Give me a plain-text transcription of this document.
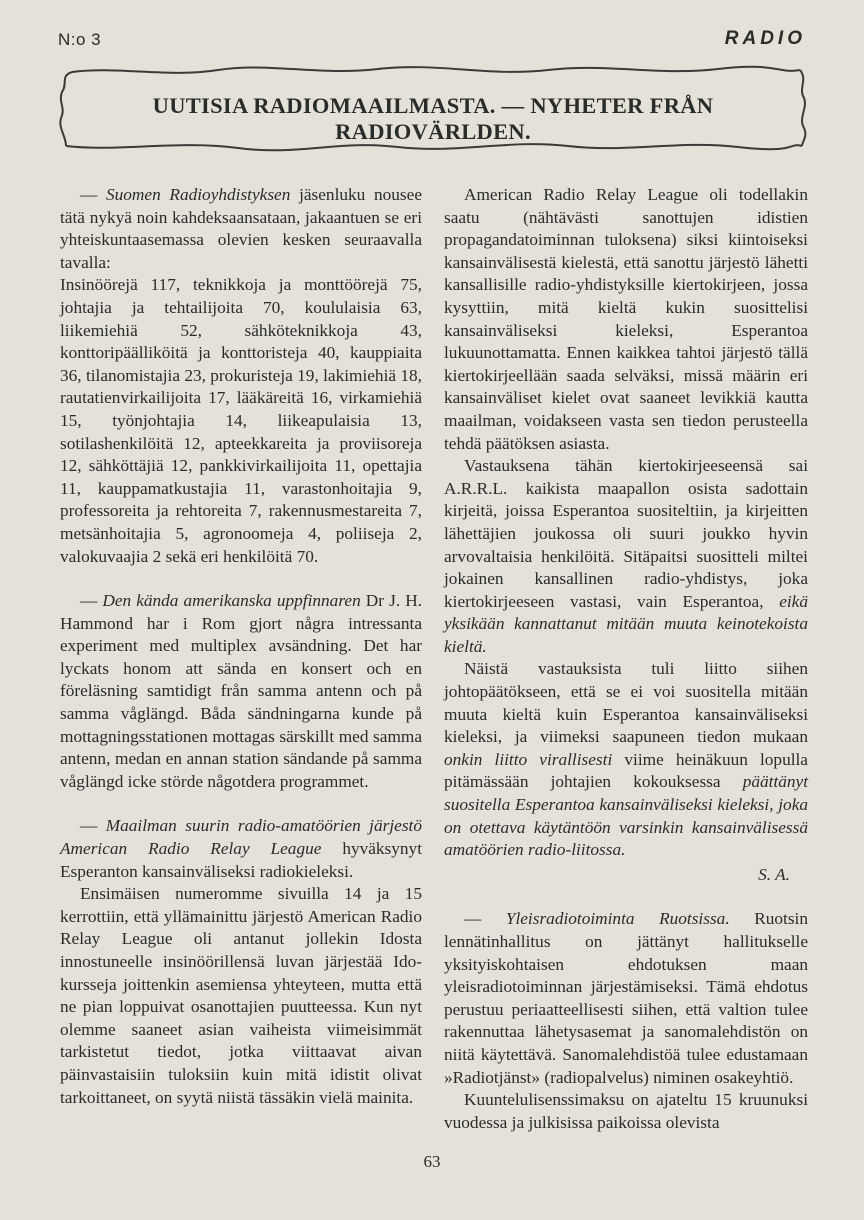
N:o 3	RADIO
UUTISIA RADIOMAAILMASTA. — NYHETER FRÅN RADIOVÄRLDEN.

— Suomen Radioyhdistyksen jäsenluku nousee tätä nykyä noin kahdeksaansataan, jakaantuen se eri yhteiskuntaasemassa olevien kesken seuraavalla tavalla:

Insinöörejä 117, teknikkoja ja monttöörejä 75, johtajia ja tehtailijoita 70, koululaisia 63, liikemiehiä 52, sähköteknikkoja 43, konttoripäälliköitä ja konttoristeja 40, kauppiaita 36, tilanomistajia 23, prokuristeja 19, lakimiehiä 18, rautatienvirkailijoita 17, lääkäreitä 16, virkamiehiä 15, työnjohtajia 14, liikeapulaisia 13, sotilashenkilöitä 12, apteekkareita ja proviisoreja 12, sähköttäjiä 12, pankkivirkailijoita 11, opettajia 11, kauppamatkustajia 11, varastonhoitajia 9, professoreita ja rehtoreita 7, rakennusmestareita 7, metsänhoitajia 5, agronoomeja 4, poliiseja 2, valokuvaajia 2 sekä eri henkilöitä 70.

— Den kända amerikanska uppfinnaren Dr J. H. Hammond har i Rom gjort några intressanta experiment med multiplex avsändning. Det har lyckats honom att sända en konsert och en föreläsning samtidigt från samma antenn och på samma våglängd. Båda sändningarna kunde på mottagningsstationen mottagas särskillt med samma antenn, medan en annan station sändande på samma våglängd icke störde någotdera programmet.

— Maailman suurin radio-amatöörien järjestö American Radio Relay League hyväksynyt Esperanton kansainväliseksi radiokieleksi.

Ensimäisen numeromme sivuilla 14 ja 15 kerrottiin, että yllämainittu järjestö American Radio Relay League oli antanut jollekin Idosta innostuneelle insinöörillensä luvan järjestää Ido-kursseja joittenkin asemiensa yhteyteen, mutta että ne pian loppuivat osanottajien puutteessa. Kun nyt olemme saaneet asian vaiheista viimeisimmät tarkistetut tiedot, jotka viittaavat aivan päinvastaisiin tuloksiin kuin mitä idistit olivat tarkoittaneet, on syytä niistä tässäkin vielä mainita.

American Radio Relay League oli todellakin saatu (nähtävästi sanottujen idistien propagandatoiminnan tuloksena) siksi kiintoiseksi kansainvälisestä kielestä, että sanottu järjestö lähetti kansallisille radio-yhdistyksille kiertokirjeen, jossa kysyttiin, mitä kieltä kukin suosittelisi kansainväliseksi kieleksi, Esperantoa lukuunottamatta. Ennen kaikkea tahtoi järjestö tällä kiertokirjeellään saada selväksi, missä määrin eri kansainväliset kielet ovat saaneet levikkiä kautta maailman, voidakseen vasta sen tiedon perusteella tehdä päätöksen asiasta.

Vastauksena tähän kiertokirjeeseensä sai A.R.R.L. kaikista maapallon osista sadottain kirjeitä, joissa Esperantoa suositeltiin, ja kirjeitten lähettäjien joukossa oli suuri joukko hyvin arvovaltaisia henkilöitä. Sitäpaitsi suositteli miltei jokainen kansallinen radio-yhdistys, joka kiertokirjeeseen vastasi, vain Esperantoa, eikä yksikään kannattanut mitään muuta keinotekoista kieltä.

Näistä vastauksista tuli liitto siihen johtopäätökseen, että se ei voi suositella mitään muuta kieltä kuin Esperantoa kansainväliseksi kieleksi, ja viimeksi saapuneen tiedon mukaan onkin liitto virallisesti viime heinäkuun lopulla pitämässään johtajien kokouksessa päättänyt suositella Esperantoa kansainväliseksi kieleksi, joka on otettava käytäntöön varsinkin kansainvälisessä amatöörien radio-liitossa.

S. A.

— Yleisradiotoiminta Ruotsissa. Ruotsin lennätinhallitus on jättänyt hallitukselle yksityiskohtaisen ehdotuksen maan yleisradiotoiminnan järjestämiseksi. Tämä ehdotus perustuu periaatteellisesti siihen, että valtion tulee rakennuttaa lähetysasemat ja sanomalehdistön on niitä käytettävä. Sanomalehdistöä tulee edustamaan »Radiotjänst» (radiopalvelus) niminen osakeyhtiö.

Kuuntelulisenssimaksu on ajateltu 15 kruunuksi vuodessa ja julkisissa paikoissa olevista

63
